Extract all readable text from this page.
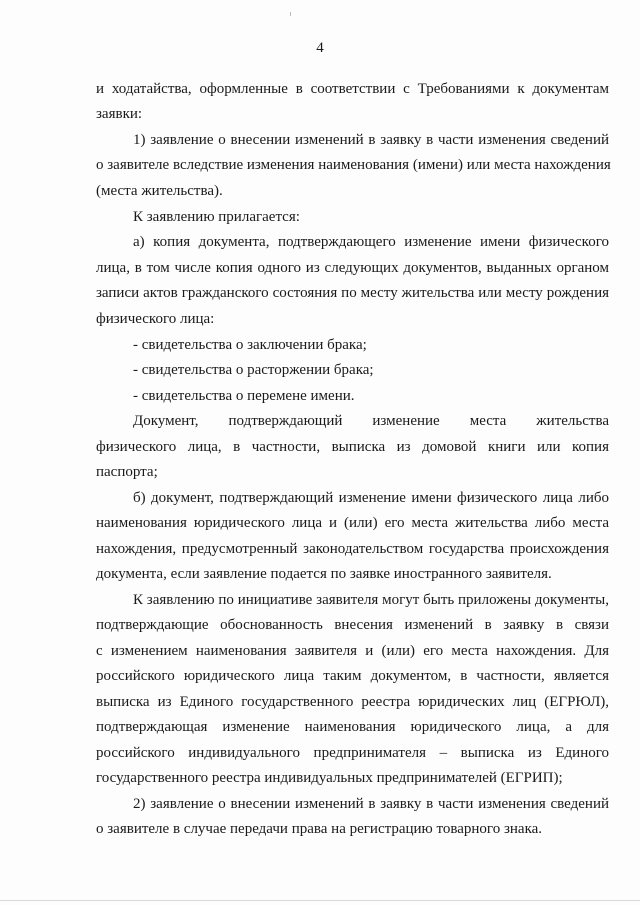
4
и ходатайства, оформленные в соответствии с Требованиями к документам
заявки:
1) заявление о внесении изменений в заявку в части изменения сведений
о заявителе вследствие изменения наименования (имени) или места нахождения
(места жительства).
К заявлению прилагается:
а) копия документа, подтверждающего изменение имени физического
лица, в том числе копия одного из следующих документов, выданных органом
записи актов гражданского состояния по месту жительства или месту рождения
физического лица:
- свидетельства о заключении брака;
- свидетельства о расторжении брака;
- свидетельства о перемене имени.
Документ, подтверждающий изменение места жительства
физического лица, в частности, выписка из домовой книги или копия
паспорта;
б) документ, подтверждающий изменение имени физического лица либо
наименования юридического лица и (или) его места жительства либо места
нахождения, предусмотренный законодательством государства происхождения
документа, если заявление подается по заявке иностранного заявителя.
К заявлению по инициативе заявителя могут быть приложены документы,
подтверждающие обоснованность внесения изменений в заявку в связи
с изменением наименования заявителя и (или) его места нахождения. Для
российского юридического лица таким документом, в частности, является
выписка из Единого государственного реестра юридических лиц (ЕГРЮЛ),
подтверждающая изменение наименования юридического лица, а для
российского индивидуального предпринимателя – выписка из Единого
государственного реестра индивидуальных предпринимателей (ЕГРИП);
2) заявление о внесении изменений в заявку в части изменения сведений
о заявителе в случае передачи права на регистрацию товарного знака.
